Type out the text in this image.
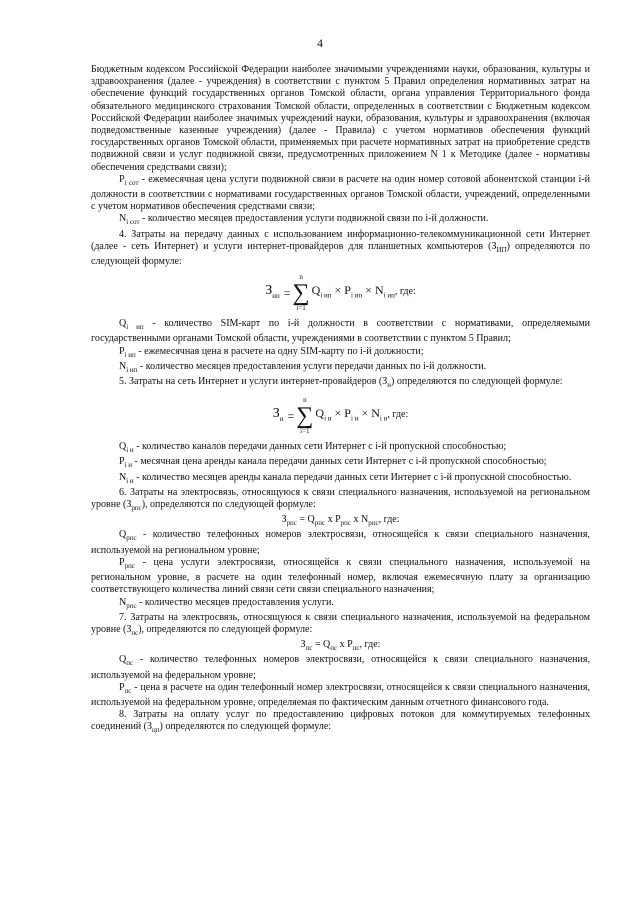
4

Бюджетным кодексом Российской Федерации наиболее значимыми учреждениями науки, образования, культуры и здравоохранения (далее - учреждения) в соответствии с пунктом 5 Правил определения нормативных затрат на обеспечение функций государственных органов Томской области, органа управления Территориального фонда обязательного медицинского страхования Томской области, определенных в соответствии с Бюджетным кодексом Российской Федерации наиболее значимых учреждений науки, образования, культуры и здравоохранения (включая подведомственные казенные учреждения) (далее - Правила) с учетом нормативов обеспечения функций государственных органов Томской области, применяемых при расчете нормативных затрат на приобретение средств подвижной связи и услуг подвижной связи, предусмотренных приложением N 1 к Методике (далее - нормативы обеспечения средствами связи);

$P_{i сот}$ - ежемесячная цена услуги подвижной связи в расчете на один номер сотовой абонентской станции i-й должности в соответствии с нормативами государственных органов Томской области, учреждений, определенными с учетом нормативов обеспечения средствами связи;

$N_{i сот}$ - количество месяцев предоставления услуги подвижной связи по i-й должности.

4. Затраты на передачу данных с использованием информационно-телекоммуникационной сети Интернет (далее - сеть Интернет) и услуги интернет-провайдеров для планшетных компьютеров $(З_{ИП})$ определяются по следующей формуле:

$З_{ип}$ =
n
∑
i=1
$Q_{i ип} \times P_{i ип} \times N_{i ип}$, где:

$Q_{i ип}$ - количество SIM-карт по i-й должности в соответствии с нормативами, определяемыми государственными органами Томской области, учреждениями в соответствии с пунктом 5 Правил;

$P_{i ип}$ - ежемесячная цена в расчете на одну SIM-карту по i-й должности;

$N_{i ип}$ - количество месяцев предоставления услуги передачи данных по i-й должности.

5. Затраты на сеть Интернет и услуги интернет-провайдеров $(З_и)$ определяются по следующей формуле:

$З_и$ =
n
∑
i=1
$Q_{i и} \times P_{i и} \times N_{i и}$, где:

$Q_{i и}$ - количество каналов передачи данных сети Интернет с i-й пропускной способностью;

$P_{i и}$ - месячная цена аренды канала передачи данных сети Интернет с i-й пропускной способностью;

$N_{i и}$ - количество месяцев аренды канала передачи данных сети Интернет с i-й пропускной способностью.

6. Затраты на электросвязь, относящуюся к связи специального назначения, используемой на региональном уровне $(З_{рпс})$, определяются по следующей формуле:

$З_{рпс} = Q_{рпс}$ х $P_{рпс}$ х $N_{рпс}$, где:

$Q_{рпс}$ - количество телефонных номеров электросвязи, относящейся к связи специального назначения, используемой на региональном уровне;

$P_{рпс}$ - цена услуги электросвязи, относящейся к связи специального назначения, используемой на региональном уровне, в расчете на один телефонный номер, включая ежемесячную плату за организацию соответствующего количества линий связи сети связи специального назначения;

$N_{рпс}$ - количество месяцев предоставления услуги.

7. Затраты на электросвязь, относящуюся к связи специального назначения, используемой на федеральном уровне $(З_{пс})$, определяются по следующей формуле:

$З_{пс} = Q_{пс}$ х $P_{пс}$, где:

$Q_{пс}$ - количество телефонных номеров электросвязи, относящейся к связи специального назначения, используемой на федеральном уровне;

$P_{пс}$ - цена в расчете на один телефонный номер электросвязи, относящейся к связи специального назначения, используемой на федеральном уровне, определяемая по фактическим данным отчетного финансового года.

8. Затраты на оплату услуг по предоставлению цифровых потоков для коммутируемых телефонных соединений $(З_{цп})$ определяются по следующей формуле:
